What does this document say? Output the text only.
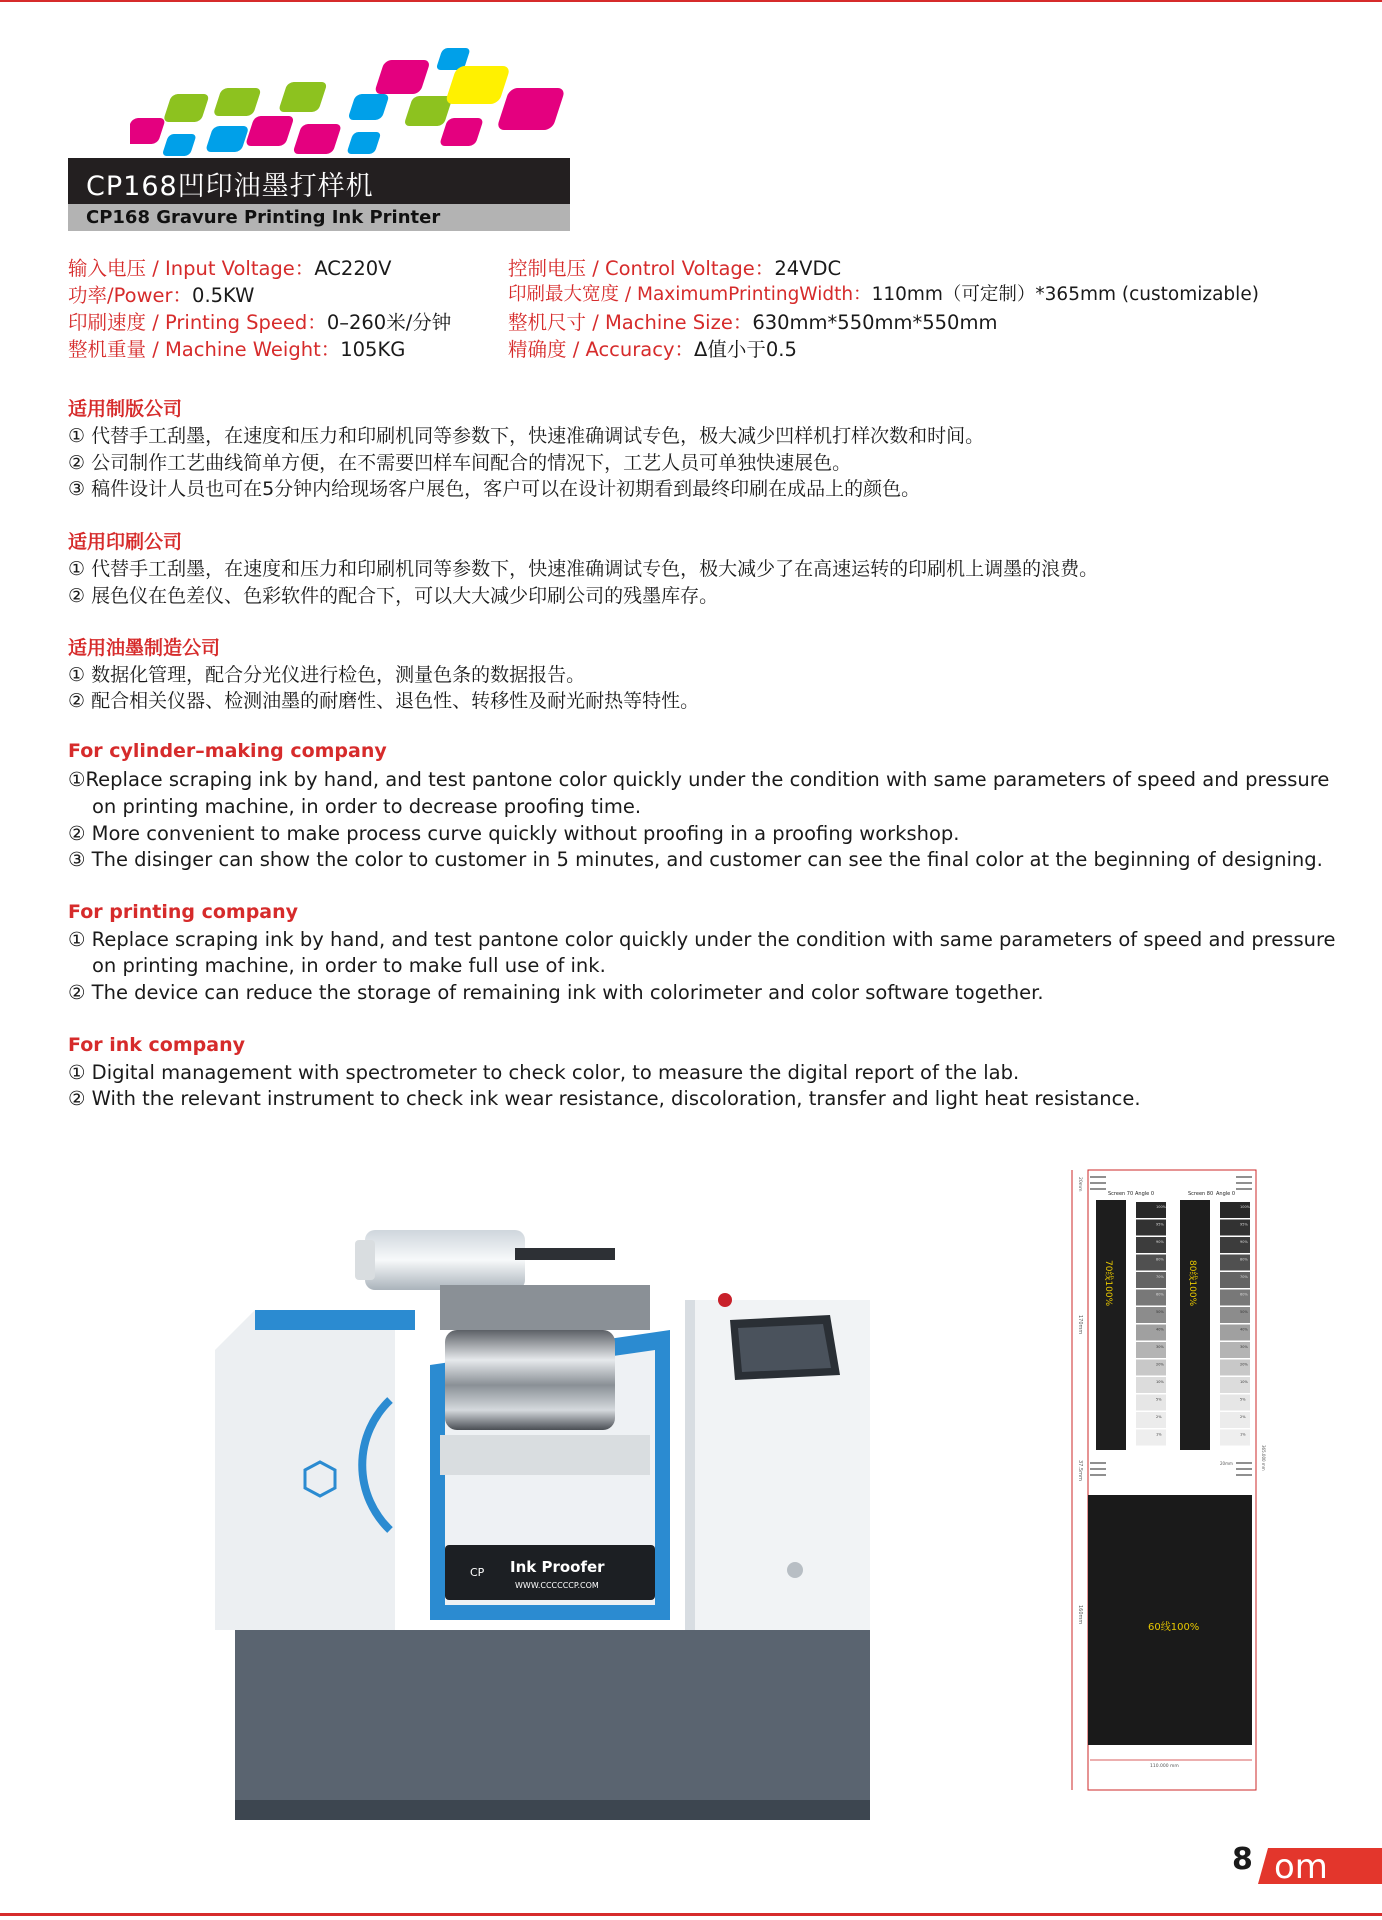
CP168凹印油墨打样机
CP168 Gravure Printing Ink Printer
输入电压 / Input Voltage：AC220V
功率/Power：0.5KW
印刷速度 / Printing Speed：0–260米/分钟
整机重量 / Machine Weight：105KG
控制电压 / Control Voltage：24VDC
印刷最大宽度 / MaximumPrintingWidth：110mm（可定制）*365mm (customizable)
整机尺寸 / Machine Size：630mm*550mm*550mm
精确度 / Accuracy：Δ值小于0.5
适用制版公司
① 代替手工刮墨，在速度和压力和印刷机同等参数下，快速准确调试专色，极大减少凹样机打样次数和时间。
② 公司制作工艺曲线简单方便，在不需要凹样车间配合的情况下，工艺人员可单独快速展色。
③ 稿件设计人员也可在5分钟内给现场客户展色，客户可以在设计初期看到最终印刷在成品上的颜色。
适用印刷公司
① 代替手工刮墨，在速度和压力和印刷机同等参数下，快速准确调试专色，极大减少了在高速运转的印刷机上调墨的浪费。
② 展色仪在色差仪、色彩软件的配合下，可以大大减少印刷公司的残墨库存。
适用油墨制造公司
① 数据化管理，配合分光仪进行检色，测量色条的数据报告。
② 配合相关仪器、检测油墨的耐磨性、退色性、转移性及耐光耐热等特性。
For cylinder–making company
①Replace scraping ink by hand, and test pantone color quickly under the condition with same parameters of speed and pressure
on printing machine, in order to decrease proofing time.
② More convenient to make process curve quickly without proofing in a proofing workshop.
③ The disinger can show the color to customer in 5 minutes, and customer can see the final color at the beginning of designing.
For printing company
① Replace scraping ink by hand, and test pantone color quickly under the condition with same parameters of speed and pressure
on printing machine, in order to make full use of ink.
② The device can reduce the storage of remaining ink with colorimeter and color software together.
For ink company
① Digital management with spectrometer to check color, to measure the digital report of the lab.
② With the relevant instrument to check ink wear resistance, discoloration, transfer and light heat resistance.
CP Ink Proofer
WWW.CCCCCCP.COM
Screen 70 Angle 0	Screen 80 Angle 0
70线100%	80线100%
100%
95%
90%
80%
70%
60%
50%
40%
30%
20%
10%
5%
2%
1%
100%
95%
90%
80%
70%
60%
50%
40%
30%
20%
10%
5%
2%
1%
60线100%
20mm
170mm
37.5mm
160mm
365.000 mm
20mm
110.000 mm
8 om
